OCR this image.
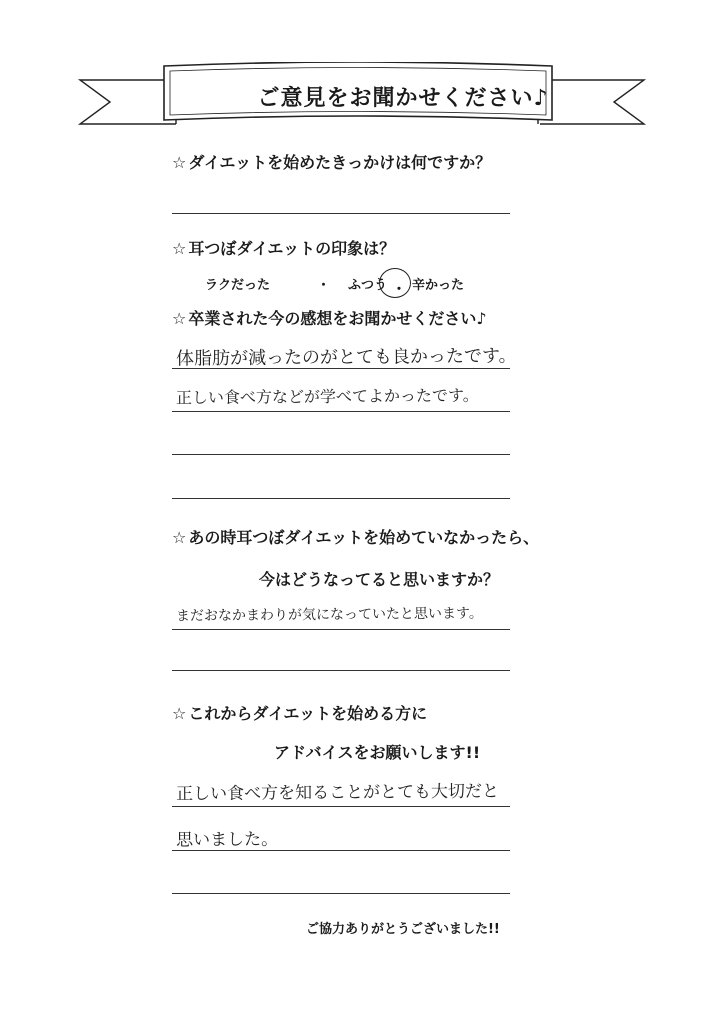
ご意見をお聞かせください♪
☆ ダイエットを始めたきっかけは何ですか？
☆ 耳つぼダイエットの印象は？
ラクだった	・ ふつう 辛かった
・
☆ 卒業された今の感想をお聞かせください♪
体脂肪が減ったのがとても良かったです。
正しい食べ方などが学べてよかったです。
☆ あの時耳つぼダイエットを始めていなかったら、
今はどうなってると思いますか？
まだおなかまわりが気になっていたと思います。
☆ これからダイエットを始める方に
アドバイスをお願いします!!
正しい食べ方を知ることがとても大切だと
思いました。
ご協力ありがとうございました!!
